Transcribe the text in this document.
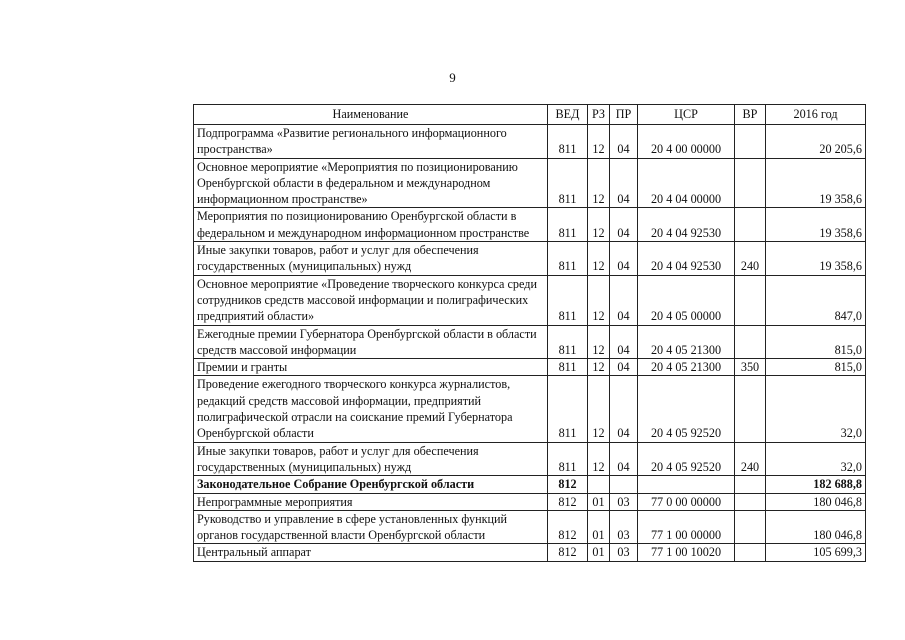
9
Наименование	ВЕД	РЗ	ПР	ЦСР	ВР	2016 год
Подпрограмма «Развитие регионального информационного пространства»	811	12	04	20 4 00 00000		20 205,6
Основное мероприятие «Мероприятия по позиционированию Оренбургской области в федеральном и международном информационном пространстве»	811	12	04	20 4 04 00000		19 358,6
Мероприятия по позиционированию Оренбургской области в федеральном и международном информационном пространстве	811	12	04	20 4 04 92530		19 358,6
Иные закупки товаров, работ и услуг для обеспечения государственных (муниципальных) нужд	811	12	04	20 4 04 92530	240	19 358,6
Основное мероприятие «Проведение творческого конкурса среди сотрудников средств массовой информации и полиграфических предприятий области»	811	12	04	20 4 05 00000		847,0
Ежегодные премии Губернатора Оренбургской области в области средств массовой информации	811	12	04	20 4 05 21300		815,0
Премии и гранты	811	12	04	20 4 05 21300	350	815,0
Проведение ежегодного творческого конкурса журналистов, редакций средств массовой информации, предприятий полиграфической отрасли на соискание премий Губернатора Оренбургской области	811	12	04	20 4 05 92520		32,0
Иные закупки товаров, работ и услуг для обеспечения государственных (муниципальных) нужд	811	12	04	20 4 05 92520	240	32,0
Законодательное Собрание Оренбургской области	812					182 688,8
Непрограммные мероприятия	812	01	03	77 0 00 00000		180 046,8
Руководство и управление в сфере установленных функций органов государственной власти Оренбургской области	812	01	03	77 1 00 00000		180 046,8
Центральный аппарат	812	01	03	77 1 00 10020		105 699,3
